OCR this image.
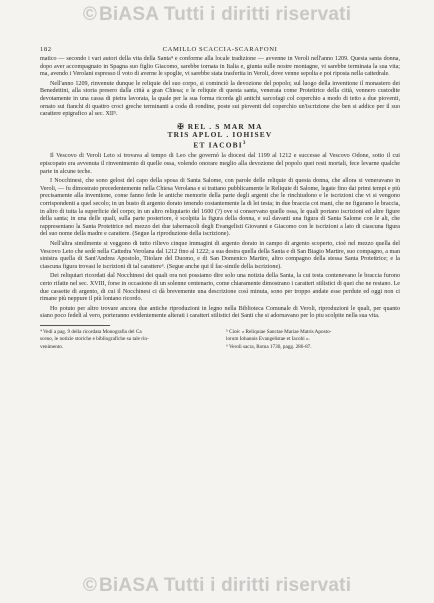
© BiASA Tutti i diritti riservati
182	CAMILLO SCACCIA-SCARAFONI

matico — secondo i vari autori della vita della Santa⁴ e conforme alla locale tradizione — avvenne in Veroli nell'anno 1209. Questa santa donna, dopo aver accompagnato in Spagna suo figlio Giacomo, sarebbe tornata in Italia e, giunta sulle nostre montagne, vi sarebbe terminata la sua vita; ma, avendo i Verolani espresso il voto di averne le spoglie, vi sarebbe stata trasferita in Veroli, dove venne sepolta e poi riposta nella cattedrale.

Nell'anno 1209, rinvenute dunque le reliquie del suo corpo, si cominciò la devozione del popolo; sul luogo della inventione il monastero dei Benedettini, alla storia presero dalla città a gran Chiesa; e le reliquie di questa santa, venerata come Protettrice della città, vennero custodite devotamente in una cassa di pietra lavorata, la quale per la sua forma ricorda gli antichi sarcofagi col coperchio a modo di tetto a due pioventi, ornato sui fianchi di quattro croci greche terminanti a coda di rondine, poste sui pioventi del coperchio un'iscrizione che ben si addice per il suo carattere epigrafico al sec. XII⁵.

✠ REL . S MAR MA
TRIS APLOL . IOHISEV
ET IACOBI$^3$

Il Vescovo di Veroli Leto si trovava al tempo di Leo che governò la diocesi dal 1199 al 1212 e successe al Vescovo Odone, sotto il cui episcopato era avvenuta il rinvenimento di quelle ossa, volendo onorare meglio alla devozione del popolo quei resti mortali, fece levarne qualche parte in alcune teche.

I Nocchinesi, che sono gelosi del capo della sposa di Santa Salome, con parole delle reliquie di questa donna, che allora si veneravano in Veroli, — fu dimostrato precedentemente nella Chiesa Verolana e si trattano pubblicamente le Reliquie di Salome, legate fino dai primi tempi e più precisamente alla inventione, come fanno fede le antiche memorie della parte degli argenti che le rinchiudono e le iscrizioni che vi si vengono corrispondenti a quel secolo; in un busto di argento dorato tenendo costantemente la di lei testa; in due braccia coi mani, che ne figurano le braccia, in altro di tutta la superficie del corpo; in un altro reliquiario del 1600 (?) ove si conservano quelle ossa, le quali portano iscrizioni ed altre figure della santa; in una delle quali, sulla parte posteriore, è scolpita la figura della donna, e sul davanti una figura di Santa Salome con le ali, che rappresentano la Santa Protettrice nel mezzo dei due tabernacoli degli Evangelisti Giovanni e Giacomo con le iscrizioni a lato di ciascuna figura del suo nome della madre e carattere. (Segue la riproduzione della iscrizione).

Nell'altra similmente si veggono di tutto rilievo cinque immagini di argento dorato in campo di argento scoperto, cioè nel mezzo quella del Vescovo Leto che sedè nella Cattedra Verolana dal 1212 fino al 1222; a sua destra quella della Santa e di San Biagio Martire, suo compagno, a man sinistra quella di Sant'Andrea Apostolo, Titolare del Duomo, e di San Domenico Martire, altro compagno della stessa Santa Protettrice; e la ciascuna figura trovasi le iscrizioni di tal carattere⁶. (Segue anche qui il fac-simile della iscrizione).

Dei reliquiari ricordati dal Nocchinesi dei quali ora noi possiamo dire solo una notizia della Santa, la cui testa contenevano le braccia furono certo rifatte nel sec. XVIII, forse in occasione di un solenne centenario, come chiaramente dimostrano i caratteri stilistici di quei che ne restano. Le due cassette di argento, di cui il Nocchinesi ci dà brevemente una descrizione così minuta, sono per troppo andate esse perdute ed oggi non ci rimane più neppure il più lontano ricordo.

Ho potuto per altro trovare ancora due antiche riproduzioni in legno nella Biblioteca Comunale di Veroli, riproduzioni le quali, per quanto siano poco fedeli al vero, porteranno evidentemente alterati i caratteri stilistici dei Santi che si adornavano per lo piu scolpite nella sua vita.

⁴ Vedi a pag. 9 della ricordata Monografia del Ca

sceno, le notizie storiche e bibliografiche su tale rin-

venimento.

⁵ Cioè: « Reliquiae Sanctae Mariae Matris Aposto-

lorum Iohannis Evangelistae et Iacobi ».

⁶ Veroli sacra, Roma 1730, pagg. 286-87.

© BiASA Tutti i diritti riservati
